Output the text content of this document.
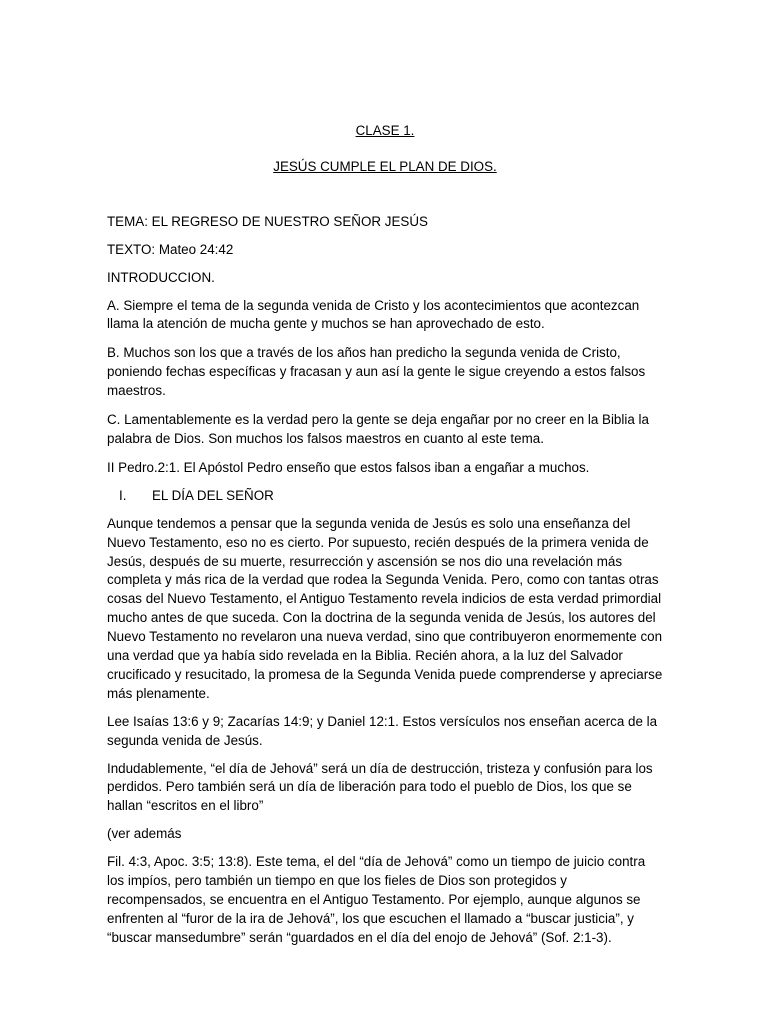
CLASE 1.

JESÚS CUMPLE EL PLAN DE DIOS.

TEMA: EL REGRESO DE NUESTRO SEÑOR JESÚS

TEXTO: Mateo 24:42

INTRODUCCION.

A. Siempre el tema de la segunda venida de Cristo y los acontecimientos que acontezcan llama la atención de mucha gente y muchos se han aprovechado de esto.

B. Muchos son los que a través de los años han predicho la segunda venida de Cristo, poniendo fechas específicas y fracasan y aun así la gente le sigue creyendo a estos falsos maestros.

C. Lamentablemente es la verdad pero la gente se deja engañar por no creer en la Biblia la palabra de Dios. Son muchos los falsos maestros en cuanto al este tema.

II Pedro.2:1. El Apóstol Pedro enseño que estos falsos iban a engañar a muchos.

I.	EL DÍA DEL SEÑOR

Aunque tendemos a pensar que la segunda venida de Jesús es solo una enseñanza del Nuevo Testamento, eso no es cierto. Por supuesto, recién después de la primera venida de Jesús, después de su muerte, resurrección y ascensión se nos dio una revelación más completa y más rica de la verdad que rodea la Segunda Venida. Pero, como con tantas otras cosas del Nuevo Testamento, el Antiguo Testamento revela indicios de esta verdad primordial mucho antes de que suceda. Con la doctrina de la segunda venida de Jesús, los autores del Nuevo Testamento no revelaron una nueva verdad, sino que contribuyeron enormemente con una verdad que ya había sido revelada en la Biblia. Recién ahora, a la luz del Salvador crucificado y resucitado, la promesa de la Segunda Venida puede comprenderse y apreciarse más plenamente.

Lee Isaías 13:6 y 9; Zacarías 14:9; y Daniel 12:1. Estos versículos nos enseñan acerca de la segunda venida de Jesús.

Indudablemente, “el día de Jehová” será un día de destrucción, tristeza y confusión para los perdidos. Pero también será un día de liberación para todo el pueblo de Dios, los que se hallan “escritos en el libro”

(ver además

Fil. 4:3, Apoc. 3:5; 13:8). Este tema, el del “día de Jehová” como un tiempo de juicio contra los impíos, pero también un tiempo en que los fieles de Dios son protegidos y recompensados, se encuentra en el Antiguo Testamento. Por ejemplo, aunque algunos se enfrenten al “furor de la ira de Jehová”, los que escuchen el llamado a “buscar justicia”, y “buscar mansedumbre” serán “guardados en el día del enojo de Jehová” (Sof. 2:1-3).
